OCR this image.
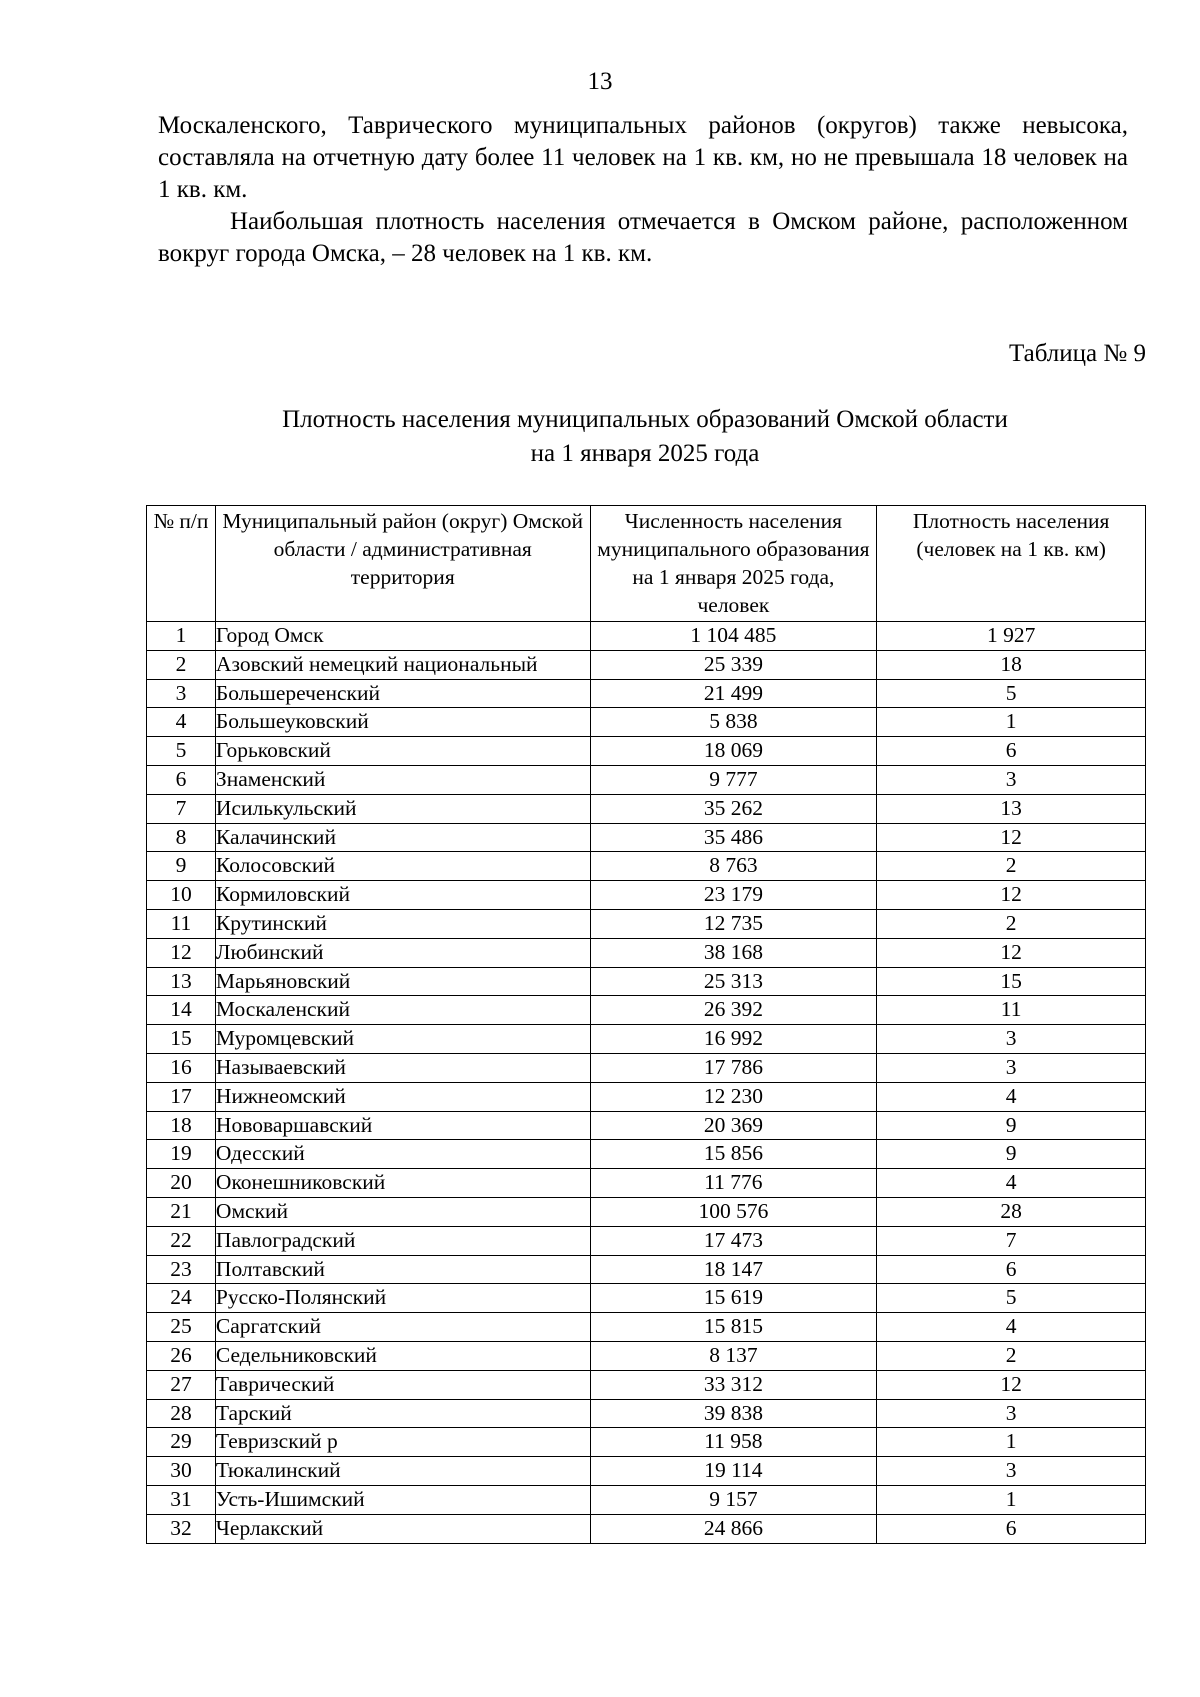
13

Москаленского, Таврического муниципальных районов (округов) также невысока, составляла на отчетную дату более 11 человек на 1 кв. км, но не превышала 18 человек на 1 кв. км.

Наибольшая плотность населения отмечается в Омском районе, расположенном вокруг города Омска, – 28 человек на 1 кв. км.

Таблица № 9
Плотность населения муниципальных образований Омской области
на 1 января 2025 года
№ п/п	Муниципальный район (округ) Омской области / административная территория	Численность населения муниципального образования на 1 января 2025 года, человек	Плотность населения (человек на 1 кв. км)
1	Город Омск	1 104 485	1 927
2	Азовский немецкий национальный	25 339	18
3	Большереченский	21 499	5
4	Большеуковский	5 838	1
5	Горьковский	18 069	6
6	Знаменский	9 777	3
7	Исилькульский	35 262	13
8	Калачинский	35 486	12
9	Колосовский	8 763	2
10	Кормиловский	23 179	12
11	Крутинский	12 735	2
12	Любинский	38 168	12
13	Марьяновский	25 313	15
14	Москаленский	26 392	11
15	Муромцевский	16 992	3
16	Называевский	17 786	3
17	Нижнеомский	12 230	4
18	Нововаршавский	20 369	9
19	Одесский	15 856	9
20	Оконешниковский	11 776	4
21	Омский	100 576	28
22	Павлоградский	17 473	7
23	Полтавский	18 147	6
24	Русско-Полянский	15 619	5
25	Саргатский	15 815	4
26	Седельниковский	8 137	2
27	Таврический	33 312	12
28	Тарский	39 838	3
29	Тевризский р	11 958	1
30	Тюкалинский	19 114	3
31	Усть-Ишимский	9 157	1
32	Черлакский	24 866	6
